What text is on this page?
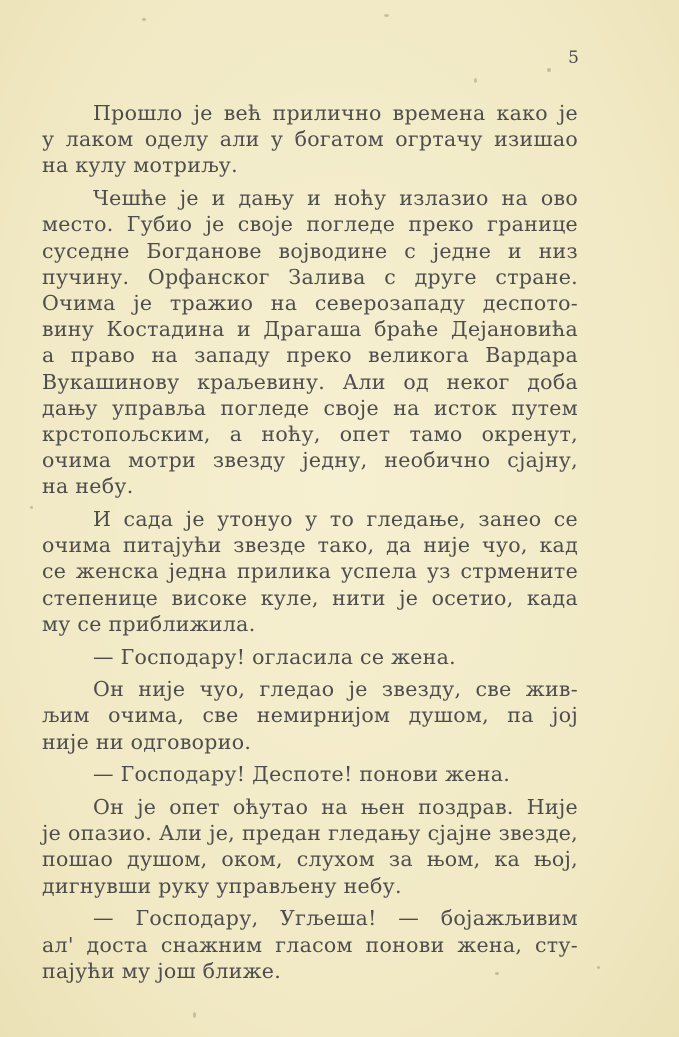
5

Прошло је већ прилично времена како је
у лаком оделу али у богатом огртачу изишао
на кулу мотриљу.

Чешће је и дању и ноћу излазио на ово
место. Губио је своје погледе преко границе
суседне Богданове војводине с једне и низ
пучину. Орфанског Залива с друге стране.
Очима је тражио на северозападу деспото-
вину Костадина и Драгаша браће Дејановића
а право на западу преко великога Вардара
Вукашинову краљевину. Али од неког доба
дању управља погледе своје на исток путем
крстопољским, а ноћу, опет тамо окренут,
очима мотри звезду једну, необично сјајну,
на небу.

И сада је утонуо у то гледање, занео се
очима питајући звезде тако, да није чуо, кад
се женска једна прилика успела уз стрмените
степенице високе куле, нити је осетио, када
му се приближила.

— Господару! огласила се жена.

Он није чуо, гледао је звезду, све жив-
љим очима, све немирнијом душом, па јој
није ни одговорио.

— Господару! Деспоте! понови жена.

Он је опет oћутао на њен поздрав. Није
је опазио. Али је, предан гледању сјајне звезде,
пошао душом, оком, слухом за њом, ка њој,
дигнувши руку управљену небу.

— Господару, Угљеша! — бојажљивим
ал' доста снажним гласом понови жена, сту-
пајући му још ближе.
